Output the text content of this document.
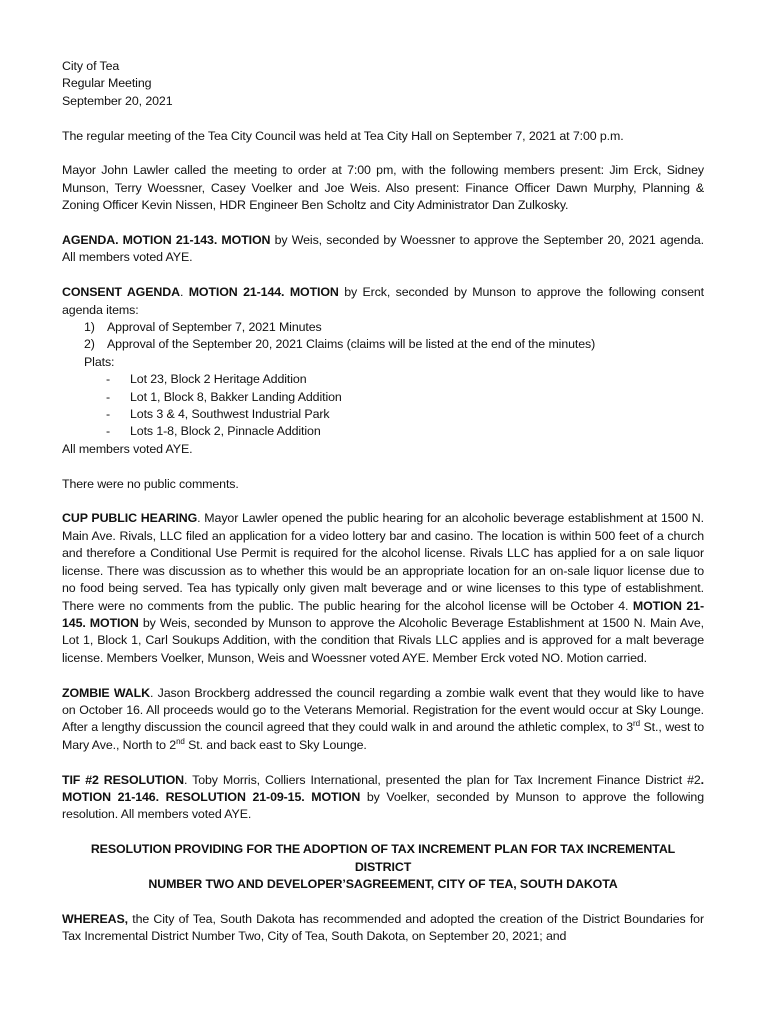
City of Tea

Regular Meeting

September 20, 2021

The regular meeting of the Tea City Council was held at Tea City Hall on September 7, 2021 at 7:00 p.m.

Mayor John Lawler called the meeting to order at 7:00 pm, with the following members present: Jim Erck, Sidney Munson, Terry Woessner, Casey Voelker and Joe Weis. Also present: Finance Officer Dawn Murphy, Planning & Zoning Officer Kevin Nissen, HDR Engineer Ben Scholtz and City Administrator Dan Zulkosky.

AGENDA. MOTION 21-143. MOTION by Weis, seconded by Woessner to approve the September 20, 2021 agenda. All members voted AYE.

CONSENT AGENDA. MOTION 21-144. MOTION by Erck, seconded by Munson to approve the following consent agenda items:

1) Approval of September 7, 2021 Minutes
2) Approval of the September 20, 2021 Claims (claims will be listed at the end of the minutes)

Plats:

- Lot 23, Block 2 Heritage Addition
- Lot 1, Block 8, Bakker Landing Addition
- Lots 3 & 4, Southwest Industrial Park
- Lots 1-8, Block 2, Pinnacle Addition

All members voted AYE.

There were no public comments.

CUP PUBLIC HEARING. Mayor Lawler opened the public hearing for an alcoholic beverage establishment at 1500 N. Main Ave. Rivals, LLC filed an application for a video lottery bar and casino. The location is within 500 feet of a church and therefore a Conditional Use Permit is required for the alcohol license. Rivals LLC has applied for a on sale liquor license. There was discussion as to whether this would be an appropriate location for an on-sale liquor license due to no food being served. Tea has typically only given malt beverage and or wine licenses to this type of establishment. There were no comments from the public. The public hearing for the alcohol license will be October 4. MOTION 21-145. MOTION by Weis, seconded by Munson to approve the Alcoholic Beverage Establishment at 1500 N. Main Ave, Lot 1, Block 1, Carl Soukups Addition, with the condition that Rivals LLC applies and is approved for a malt beverage license. Members Voelker, Munson, Weis and Woessner voted AYE. Member Erck voted NO. Motion carried.

ZOMBIE WALK. Jason Brockberg addressed the council regarding a zombie walk event that they would like to have on October 16. All proceeds would go to the Veterans Memorial. Registration for the event would occur at Sky Lounge. After a lengthy discussion the council agreed that they could walk in and around the athletic complex, to 3rd St., west to Mary Ave., North to 2nd St. and back east to Sky Lounge.

TIF #2 RESOLUTION. Toby Morris, Colliers International, presented the plan for Tax Increment Finance District #2. MOTION 21-146. RESOLUTION 21-09-15. MOTION by Voelker, seconded by Munson to approve the following resolution. All members voted AYE.

RESOLUTION PROVIDING FOR THE ADOPTION OF TAX INCREMENT PLAN FOR TAX INCREMENTAL DISTRICT

NUMBER TWO AND DEVELOPER’SAGREEMENT, CITY OF TEA, SOUTH DAKOTA

WHEREAS, the City of Tea, South Dakota has recommended and adopted the creation of the District Boundaries for Tax Incremental District Number Two, City of Tea, South Dakota, on September 20, 2021; and
